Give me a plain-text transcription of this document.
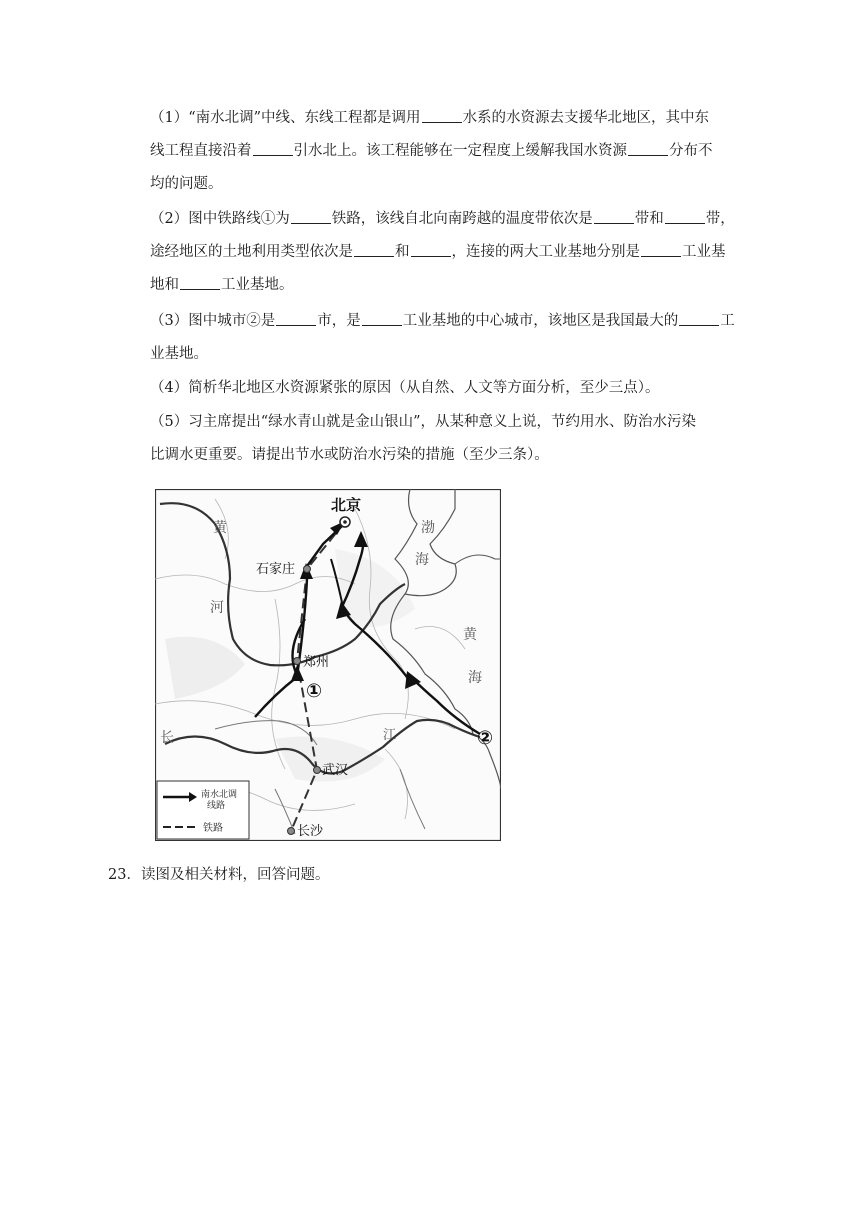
（1）“南水北调”中线、东线工程都是调用	水系的水资源去支援华北地区，其中东
线工程直接沿着	引水北上。该工程能够在一定程度上缓解我国水资源	分布不
均的问题。
（2）图中铁路线①为	铁路，该线自北向南跨越的温度带依次是	带和	带，
途经地区的土地利用类型依次是	和	，连接的两大工业基地分别是	工业基
地和	工业基地。
（3）图中城市②是	市，是	工业基地的中心城市，该地区是我国最大的	工
业基地。
（4）简析华北地区水资源紧张的原因（从自然、人文等方面分析，至少三点）。
（5）习主席提出“绿水青山就是金山银山”，从某种意义上说，节约用水、防治水污染
比调水更重要。请提出节水或防治水污染的措施（至少三条）。
北京
石家庄
郑州
武汉
长沙
①
②
黄
河
渤
海
黄
海
长	江
南水北调
线路
铁路
23．读图及相关材料，回答问题。
